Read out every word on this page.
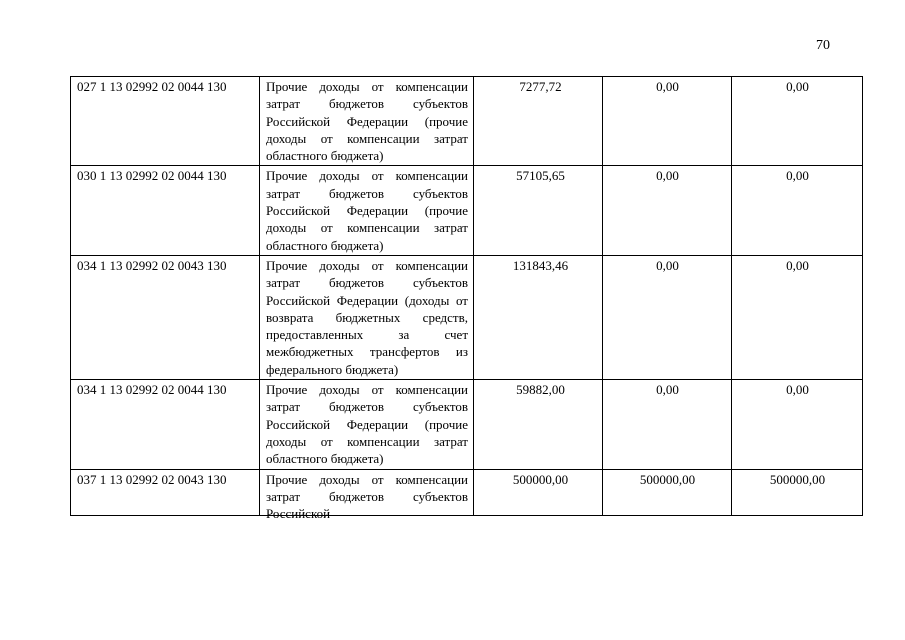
70
027 1 13 02992 02 0044 130	Прочие доходы от компенсации затрат бюджетов субъектов Российской Федерации (прочие доходы от компенсации затрат областного бюджета)	7277,72	0,00	0,00
030 1 13 02992 02 0044 130	Прочие доходы от компенсации затрат бюджетов субъектов Российской Федерации (прочие доходы от компенсации затрат областного бюджета)	57105,65	0,00	0,00
034 1 13 02992 02 0043 130	Прочие доходы от компенсации затрат бюджетов субъектов Российской Федерации (доходы от возврата бюджетных средств, предоставленных за счет межбюджетных трансфертов из федерального бюджета)	131843,46	0,00	0,00
034 1 13 02992 02 0044 130	Прочие доходы от компенсации затрат бюджетов субъектов Российской Федерации (прочие доходы от компенсации затрат областного бюджета)	59882,00	0,00	0,00
037 1 13 02992 02 0043 130	Прочие доходы от компенсации затрат бюджетов субъектов Российской	500000,00	500000,00	500000,00
